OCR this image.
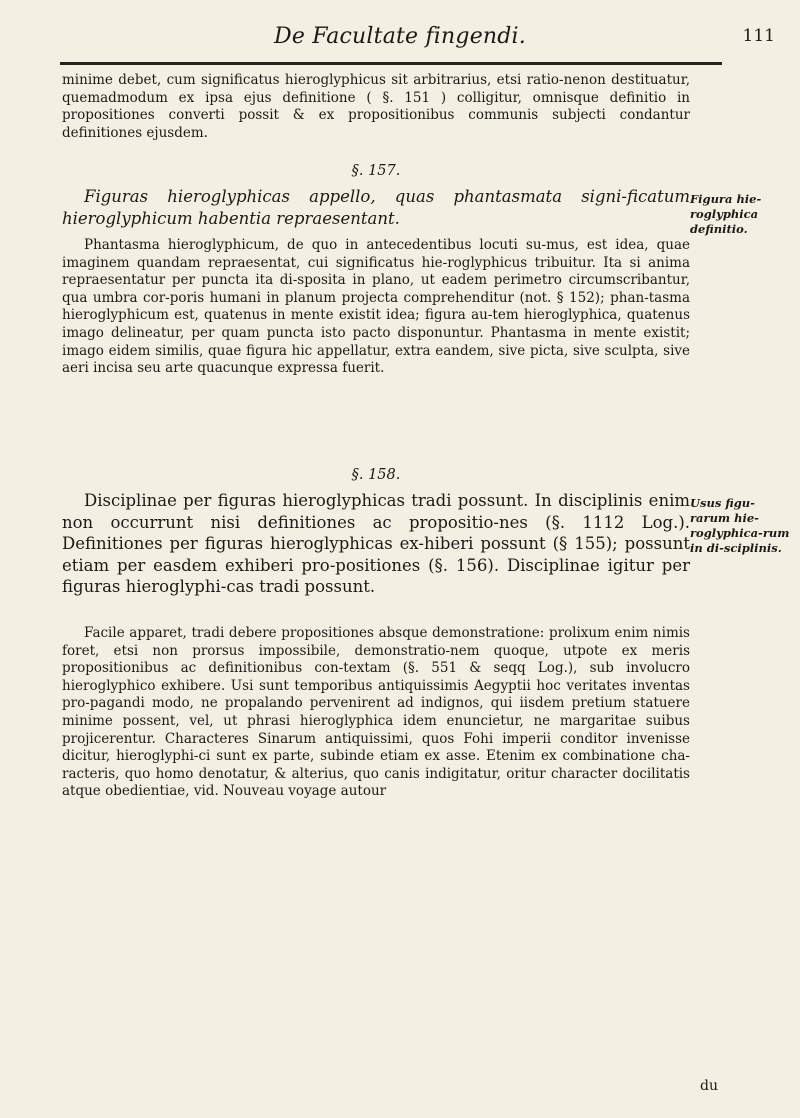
De Facultate fingendi.	111

minime debet, cum significatus hieroglyphicus sit arbitrarius, etsi ratio-nenon destituatur, quemadmodum ex ipsa ejus definitione ( §. 151 ) colligitur, omnisque definitio in propositiones converti possit & ex propositionibus communis subjecti condantur definitiones ejusdem.

§. 157.

Figuras hieroglyphicas appello, quas phantasmata signi-ficatum hieroglyphicum habentia repraesentant.

Figura hie-roglyphica definitio.

Phantasma hieroglyphicum, de quo in antecedentibus locuti su-mus, est idea, quae imaginem quandam repraesentat, cui significatus hie-roglyphicus tribuitur. Ita si anima repraesentatur per puncta ita di-sposita in plano, ut eadem perimetro circumscribantur, qua umbra cor-poris humani in planum projecta comprehenditur (not. § 152); phan-tasma hieroglyphicum est, quatenus in mente existit idea; figura au-tem hieroglyphica, quatenus imago delineatur, per quam puncta isto pacto disponuntur. Phantasma in mente existit; imago eidem similis, quae figura hic appellatur, extra eandem, sive picta, sive sculpta, sive aeri incisa seu arte quacunque expressa fuerit.

§. 158.

Disciplinae per figuras hieroglyphicas tradi possunt. In disciplinis enim non occurrunt nisi definitiones ac propositio-nes (§. 1112 Log.). Definitiones per figuras hieroglyphicas ex-hiberi possunt (§ 155); possunt etiam per easdem exhiberi pro-positiones (§. 156). Disciplinae igitur per figuras hieroglyphi-cas tradi possunt.

Usus figu-rarum hie-roglyphica-rum in di-sciplinis.

Facile apparet, tradi debere propositiones absque demonstratione: prolixum enim nimis foret, etsi non prorsus impossibile, demonstratio-nem quoque, utpote ex meris propositionibus ac definitionibus con-textam (§. 551 & seqq Log.), sub involucro hieroglyphico exhibere. Usi sunt temporibus antiquissimis Aegyptii hoc veritates inventas pro-pagandi modo, ne propalando pervenirent ad indignos, qui iisdem pretium statuere minime possent, vel, ut phrasi hieroglyphica idem enuncietur, ne margaritae suibus projicerentur. Characteres Sinarum antiquissimi, quos Fohi imperii conditor invenisse dicitur, hieroglyphi-ci sunt ex parte, subinde etiam ex asse. Etenim ex combinatione cha-racteris, quo homo denotatur, & alterius, quo canis indigitatur, oritur character docilitatis atque obedientiae, vid. Nouveau voyage autour

du
